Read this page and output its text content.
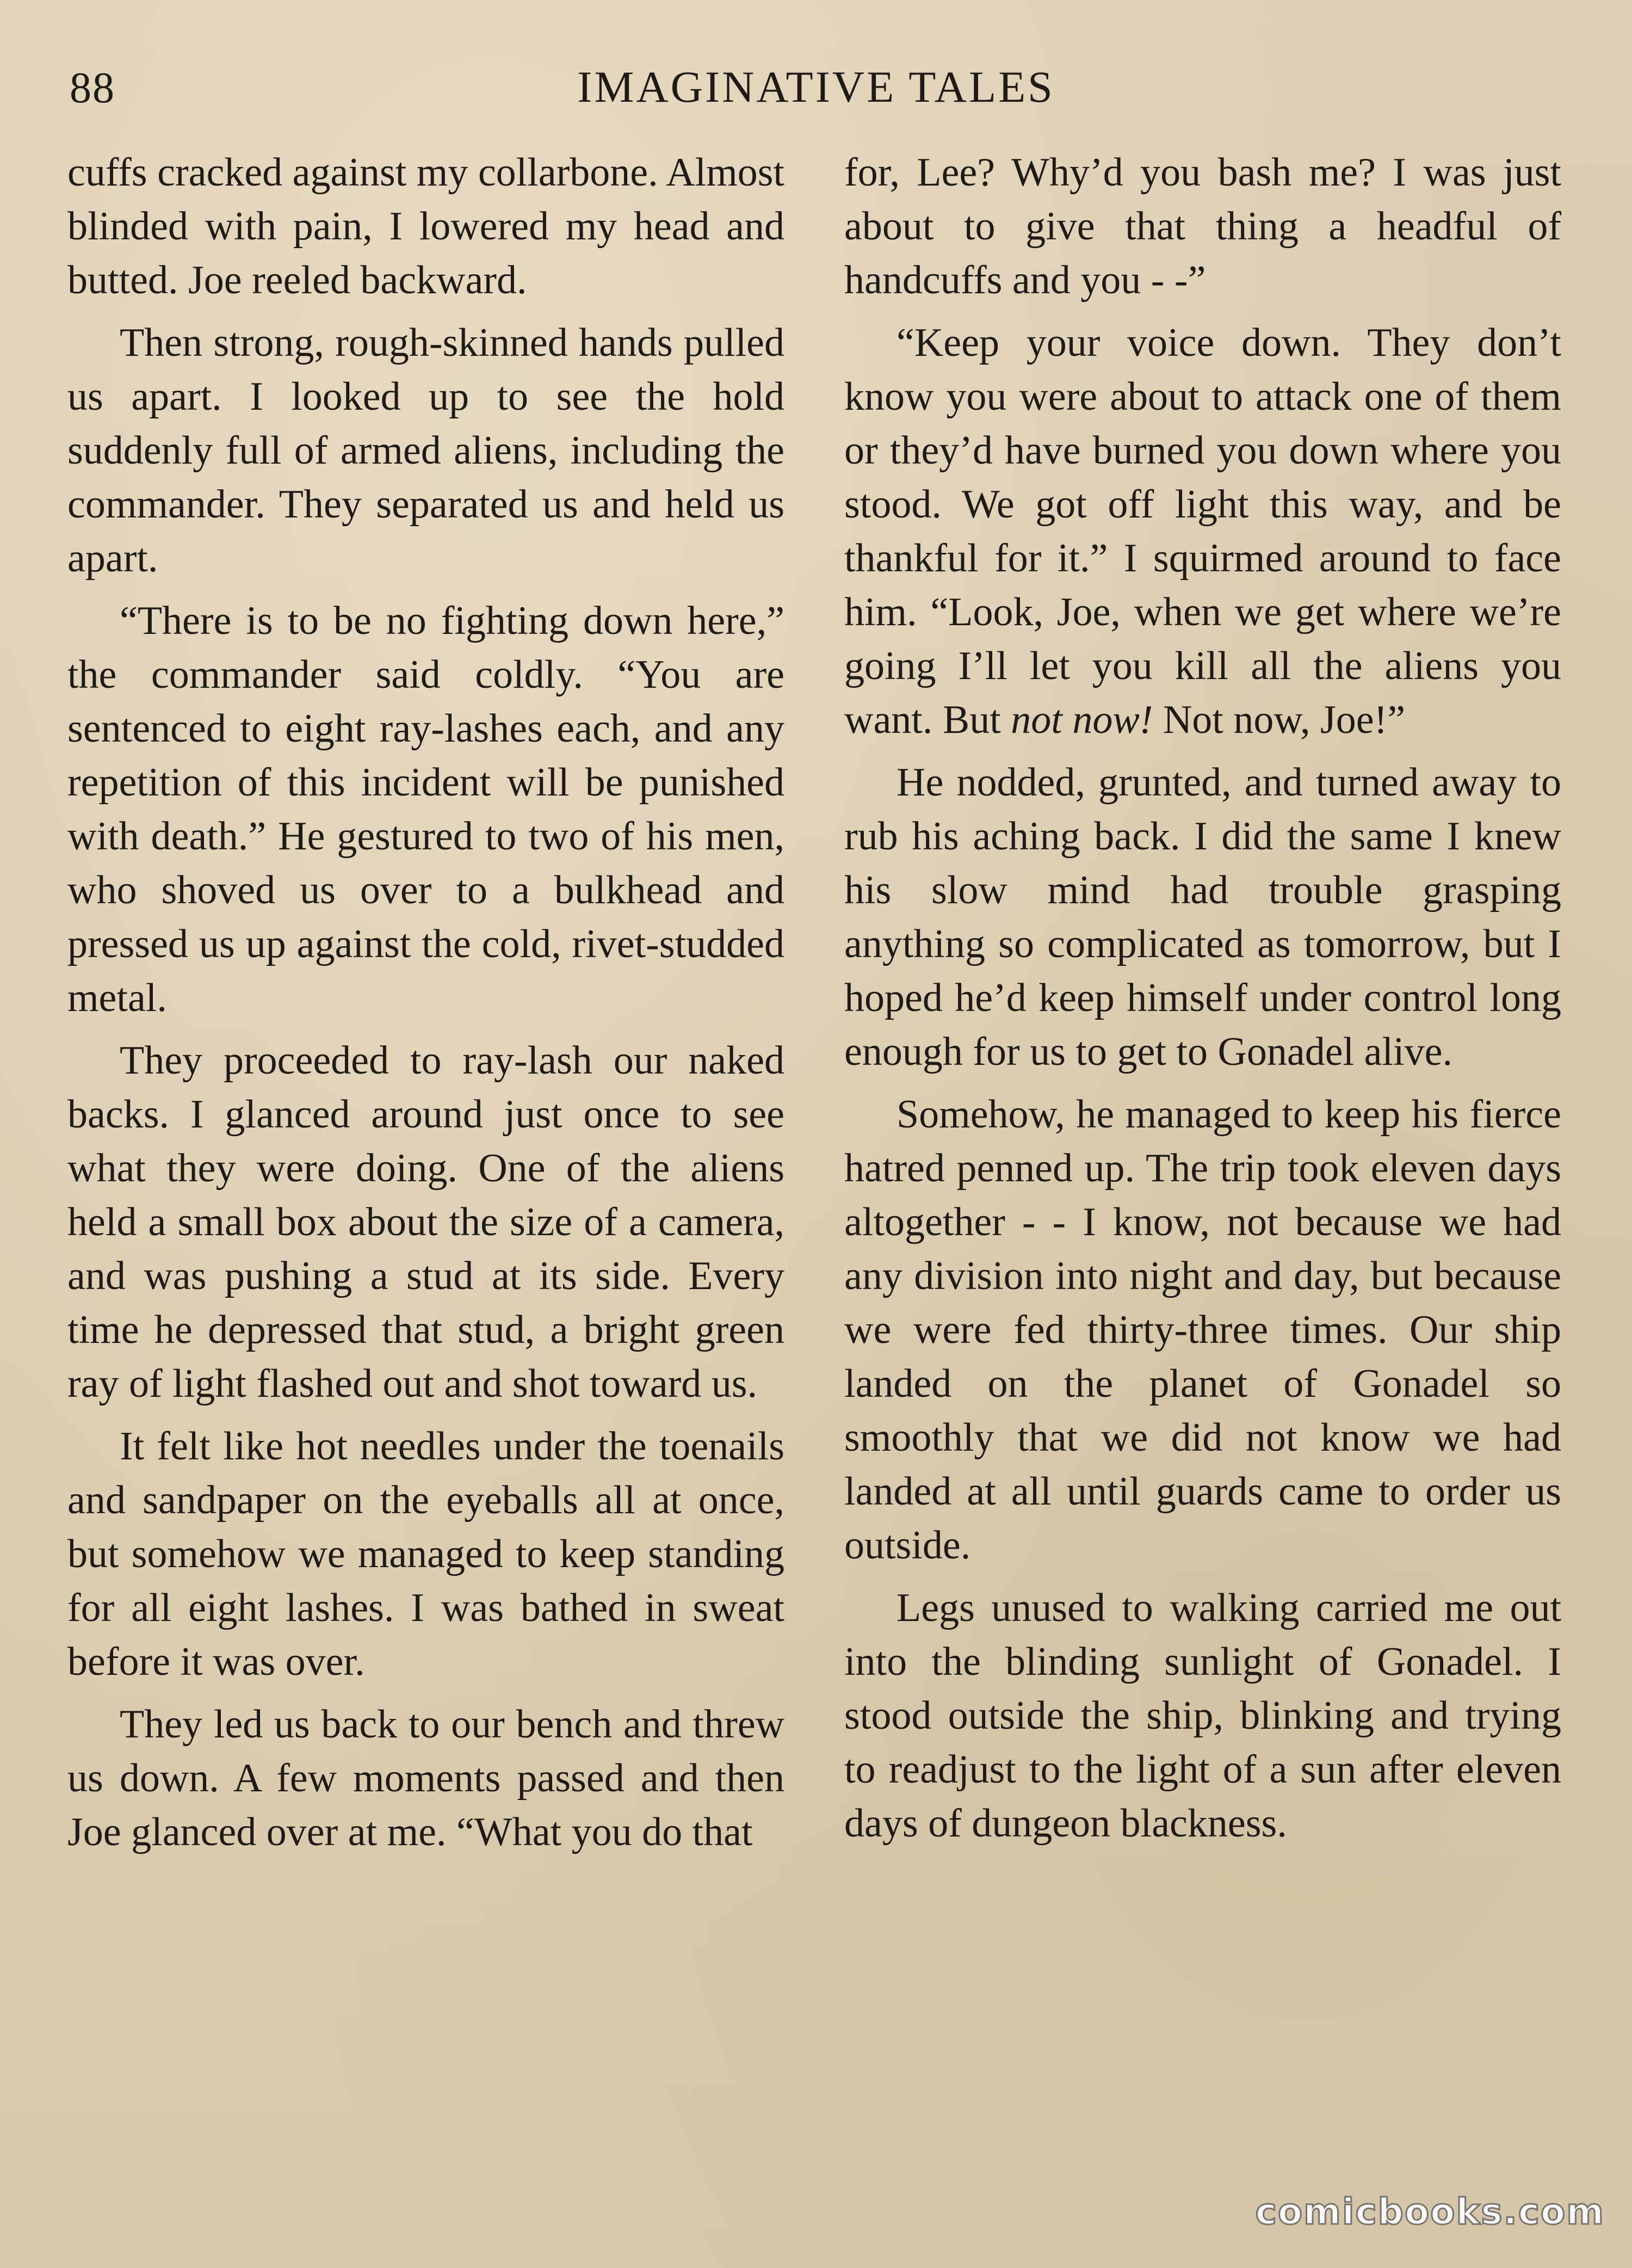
88	IMAGINATIVE TALES

cuffs cracked against my collarbone. Almost blinded with pain, I lowered my head and butted. Joe reeled backward.

Then strong, rough-skinned hands pulled us apart. I looked up to see the hold suddenly full of armed aliens, including the commander. They separated us and held us apart.

“There is to be no fighting down here,” the commander said coldly. “You are sentenced to eight ray-lashes each, and any repetition of this incident will be punished with death.” He gestured to two of his men, who shoved us over to a bulkhead and pressed us up against the cold, rivet-studded metal.

They proceeded to ray-lash our naked backs. I glanced around just once to see what they were doing. One of the aliens held a small box about the size of a camera, and was pushing a stud at its side. Every time he depressed that stud, a bright green ray of light flashed out and shot toward us.

It felt like hot needles under the toenails and sandpaper on the eyeballs all at once, but somehow we managed to keep standing for all eight lashes. I was bathed in sweat before it was over.

They led us back to our bench and threw us down. A few moments passed and then Joe glanced over at me. “What you do that

for, Lee? Why’d you bash me? I was just about to give that thing a headful of handcuffs and you - -”

“Keep your voice down. They don’t know you were about to attack one of them or they’d have burned you down where you stood. We got off light this way, and be thankful for it.” I squirmed around to face him. “Look, Joe, when we get where we’re going I’ll let you kill all the aliens you want. But not now! Not now, Joe!”

He nodded, grunted, and turned away to rub his aching back. I did the same I knew his slow mind had trouble grasping anything so complicated as tomorrow, but I hoped he’d keep himself under control long enough for us to get to Gonadel alive.

Somehow, he managed to keep his fierce hatred penned up. The trip took eleven days altogether - - I know, not because we had any division into night and day, but because we were fed thirty-three times. Our ship landed on the planet of Gonadel so smoothly that we did not know we had landed at all until guards came to order us outside.

Legs unused to walking carried me out into the blinding sunlight of Gonadel. I stood outside the ship, blinking and trying to readjust to the light of a sun after eleven days of dungeon blackness.

comicbooks.com
